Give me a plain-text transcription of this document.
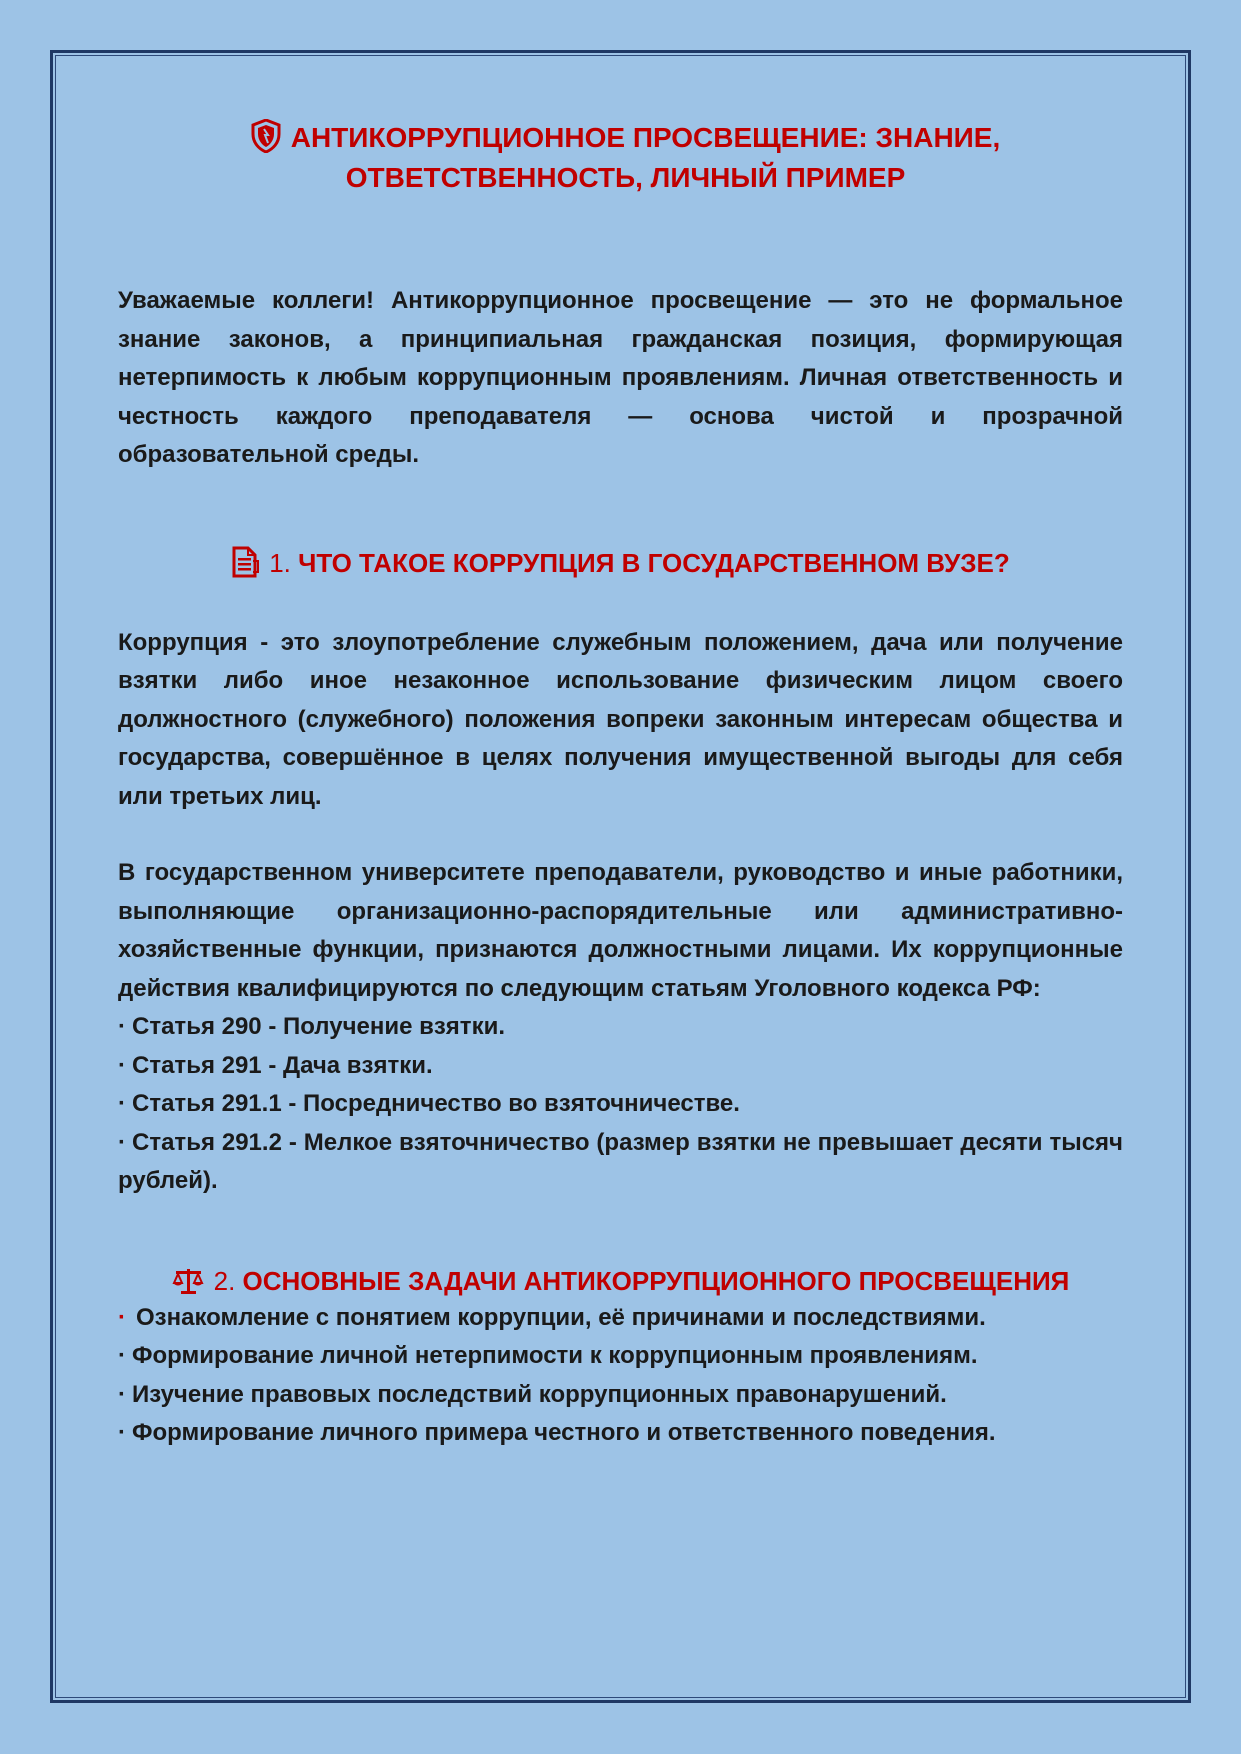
АНТИКОРРУПЦИОННОЕ ПРОСВЕЩЕНИЕ: ЗНАНИЕ,
ОТВЕТСТВЕННОСТЬ, ЛИЧНЫЙ ПРИМЕР

Уважаемые коллеги! Антикоррупционное просвещение — это не формальное знание законов, а принципиальная гражданская позиция, формирующая нетерпимость к любым коррупционным проявлениям. Личная ответственность и честность каждого преподавателя — основа чистой и прозрачной образовательной среды.

1. ЧТО ТАКОЕ КОРРУПЦИЯ В ГОСУДАРСТВЕННОМ ВУЗЕ?

Коррупция - это злоупотребление служебным положением, дача или получение взятки либо иное незаконное использование физическим лицом своего должностного (служебного) положения вопреки законным интересам общества и государства, совершённое в целях получения имущественной выгоды для себя или третьих лиц.

В государственном университете преподаватели, руководство и иные работники, выполняющие организационно-распорядительные или административно-хозяйственные функции, признаются должностными лицами. Их коррупционные действия квалифицируются по следующим статьям Уголовного кодекса РФ:

· Статья 290 - Получение взятки.
· Статья 291 - Дача взятки.
· Статья 291.1 - Посредничество во взяточничестве.
· Статья 291.2 - Мелкое взяточничество (размер взятки не превышает десяти тысяч рублей).
2. ОСНОВНЫЕ ЗАДАЧИ АНТИКОРРУПЦИОННОГО ПРОСВЕЩЕНИЯ
· Ознакомление с понятием коррупции, её причинами и последствиями.
· Формирование личной нетерпимости к коррупционным проявлениям.
· Изучение правовых последствий коррупционных правонарушений.
· Формирование личного примера честного и ответственного поведения.
